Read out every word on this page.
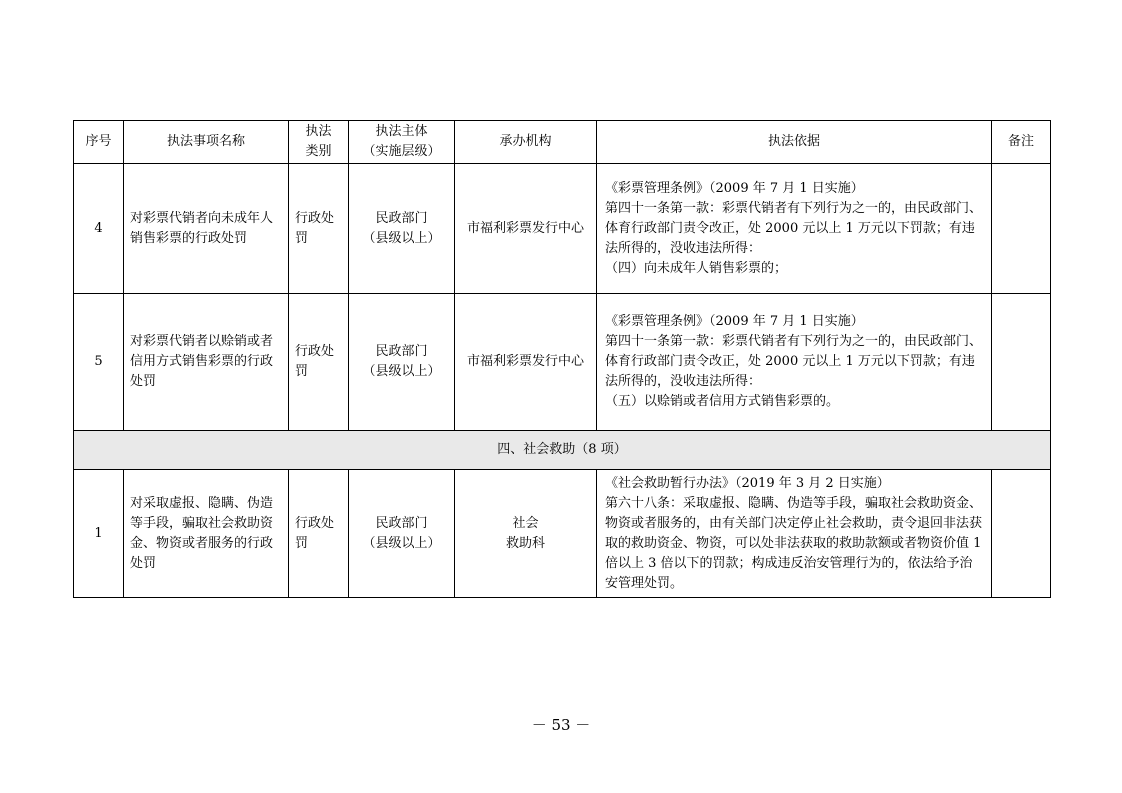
序号	执法事项名称	执法
类别	执法主体
（实施层级）	承办机构	执法依据	备注
4	对彩票代销者向未成年人销售彩票的行政处罚	行政处罚	民政部门
（县级以上）	市福利彩票发行中心	《彩票管理条例》（2009 年 7 月 1 日实施）
第四十一条第一款：彩票代销者有下列行为之一的，由民政部门、体育行政部门责令改正，处 2000 元以上 1 万元以下罚款；有违法所得的，没收违法所得：
（四）向未成年人销售彩票的；	

5	对彩票代销者以赊销或者信用方式销售彩票的行政处罚	行政处罚	民政部门
（县级以上）	市福利彩票发行中心	《彩票管理条例》（2009 年 7 月 1 日实施）
第四十一条第一款：彩票代销者有下列行为之一的，由民政部门、体育行政部门责令改正，处 2000 元以上 1 万元以下罚款；有违法所得的，没收违法所得：
（五）以赊销或者信用方式销售彩票的。	

四、社会救助（8 项）						
1	对采取虚报、隐瞒、伪造等手段，骗取社会救助资金、物资或者服务的行政处罚	行政处罚	民政部门
（县级以上）	社会
救助科	《社会救助暂行办法》（2019 年 3 月 2 日实施）
第六十八条：采取虚报、隐瞒、伪造等手段，骗取社会救助资金、物资或者服务的，由有关部门决定停止社会救助，责令退回非法获取的救助资金、物资，可以处非法获取的救助款额或者物资价值 1 倍以上 3 倍以下的罚款；构成违反治安管理行为的，依法给予治安管理处罚。	

－ 53 －
